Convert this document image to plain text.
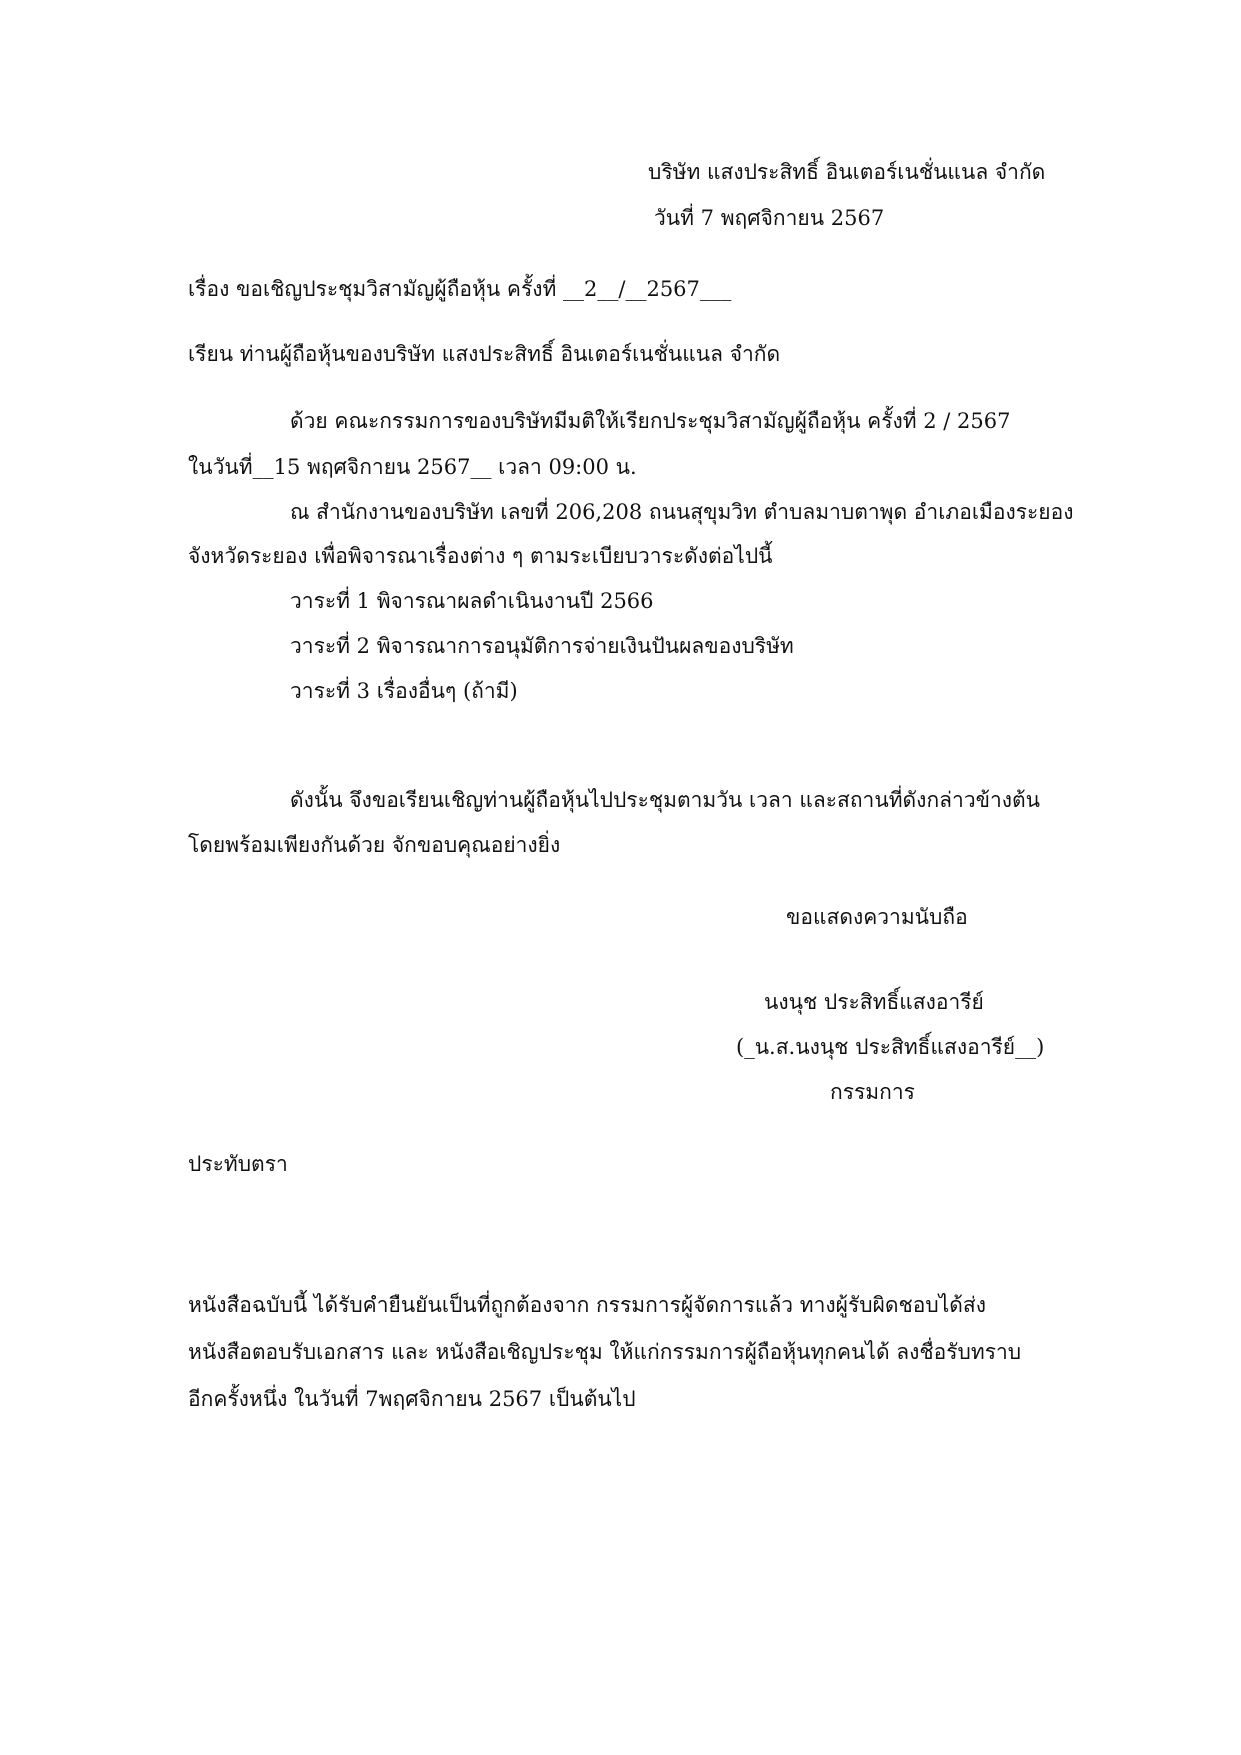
บริษัท แสงประสิทธิ์ อินเตอร์เนชั่นแนล จำกัด
วันที่ 7 พฤศจิกายน 2567
เรื่อง ขอเชิญประชุมวิสามัญผู้ถือหุ้น ครั้งที่ __2__/__2567___
เรียน ท่านผู้ถือหุ้นของบริษัท แสงประสิทธิ์ อินเตอร์เนชั่นแนล จำกัด
ด้วย คณะกรรมการของบริษัทมีมติให้เรียกประชุมวิสามัญผู้ถือหุ้น ครั้งที่ 2 / 2567
ในวันที่__15 พฤศจิกายน 2567__ เวลา 09:00 น.
ณ สำนักงานของบริษัท เลขที่ 206,208 ถนนสุขุมวิท ตำบลมาบตาพุด อำเภอเมืองระยอง
จังหวัดระยอง เพื่อพิจารณาเรื่องต่าง ๆ ตามระเบียบวาระดังต่อไปนี้
วาระที่ 1 พิจารณาผลดำเนินงานปี 2566
วาระที่ 2 พิจารณาการอนุมัติการจ่ายเงินปันผลของบริษัท
วาระที่ 3 เรื่องอื่นๆ (ถ้ามี)
ดังนั้น จึงขอเรียนเชิญท่านผู้ถือหุ้นไปประชุมตามวัน เวลา และสถานที่ดังกล่าวข้างต้น
โดยพร้อมเพียงกันด้วย จักขอบคุณอย่างยิ่ง
ขอแสดงความนับถือ
นงนุช ประสิทธิ์แสงอารีย์
(_น.ส.นงนุช ประสิทธิ์แสงอารีย์__)
กรรมการ
ประทับตรา
หนังสือฉบับนี้ ได้รับคำยืนยันเป็นที่ถูกต้องจาก กรรมการผู้จัดการแล้ว ทางผู้รับผิดชอบได้ส่ง
หนังสือตอบรับเอกสาร และ หนังสือเชิญประชุม ให้แก่กรรมการผู้ถือหุ้นทุกคนได้ ลงชื่อรับทราบ
อีกครั้งหนึ่ง ในวันที่ 7พฤศจิกายน 2567 เป็นต้นไป
